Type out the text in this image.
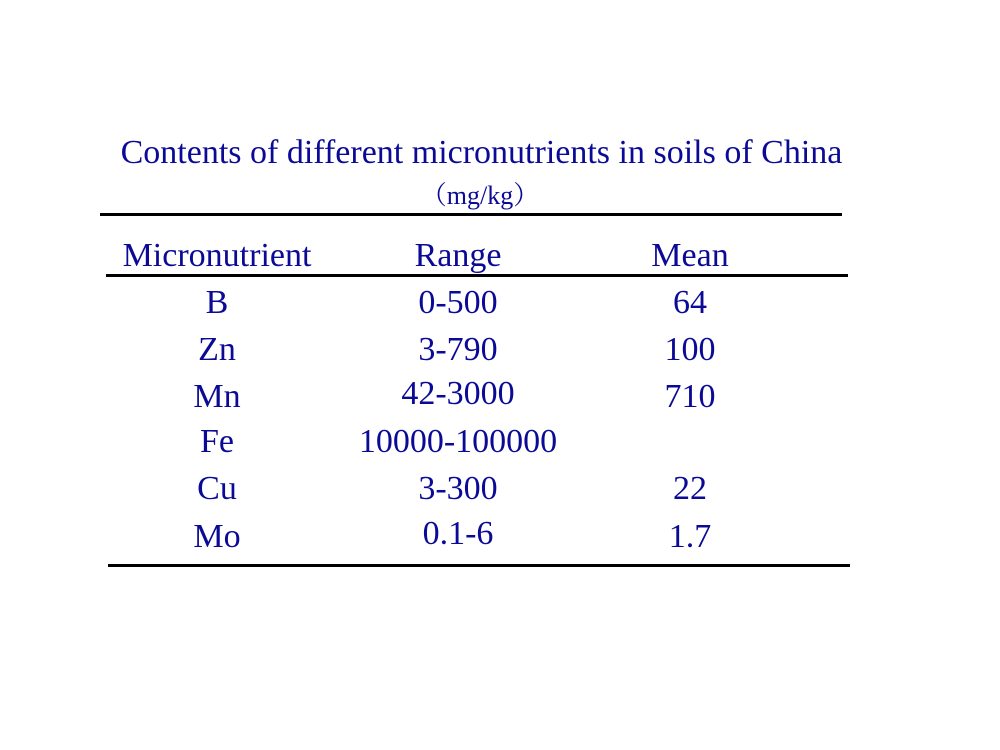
Contents of different micronutrients in soils of China
（mg/kg）
Micronutrient	Range	Mean
B	0-500	64
Zn	3-790	100
Mn	42-3000	710
Fe	10000-100000
Cu	3-300	22
Mo	0.1-6	1.7
